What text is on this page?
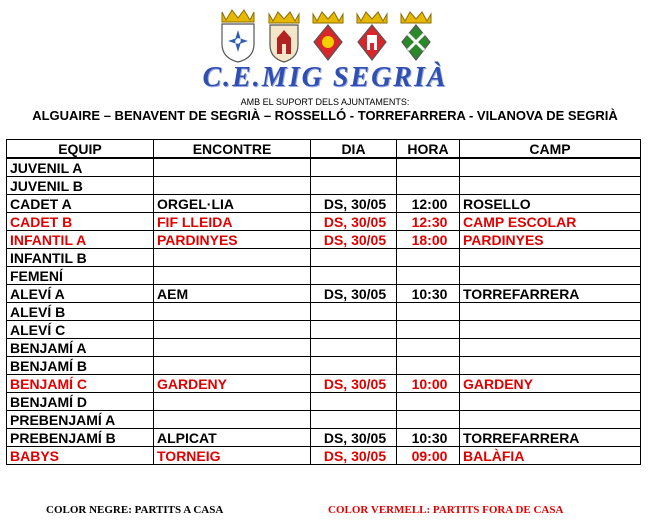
C.E.MIG SEGRIÀ
AMB EL SUPORT DELS AJUNTAMENTS:
ALGUAIRE – BENAVENT DE SEGRIÀ – ROSSELLÓ - TORREFARRERA - VILANOVA DE SEGRIÀ
EQUIP	ENCONTRE	DIA	HORA	CAMP
JUVENIL A				
JUVENIL B				
CADET A	ORGEL·LIA	DS, 30/05	12:00	ROSELLO
CADET B	FIF LLEIDA	DS, 30/05	12:30	CAMP ESCOLAR
INFANTIL A	PARDINYES	DS, 30/05	18:00	PARDINYES
INFANTIL B				
FEMENÍ				
ALEVÍ A	AEM	DS, 30/05	10:30	TORREFARRERA
ALEVÍ B				
ALEVÍ C				
BENJAMÍ A				
BENJAMÍ B				
BENJAMÍ C	GARDENY	DS, 30/05	10:00	GARDENY
BENJAMÍ D				
PREBENJAMÍ A				
PREBENJAMÍ B	ALPICAT	DS, 30/05	10:30	TORREFARRERA
BABYS	TORNEIG	DS, 30/05	09:00	BALÀFIA
COLOR NEGRE: PARTITS A CASA	COLOR VERMELL: PARTITS FORA DE CASA
